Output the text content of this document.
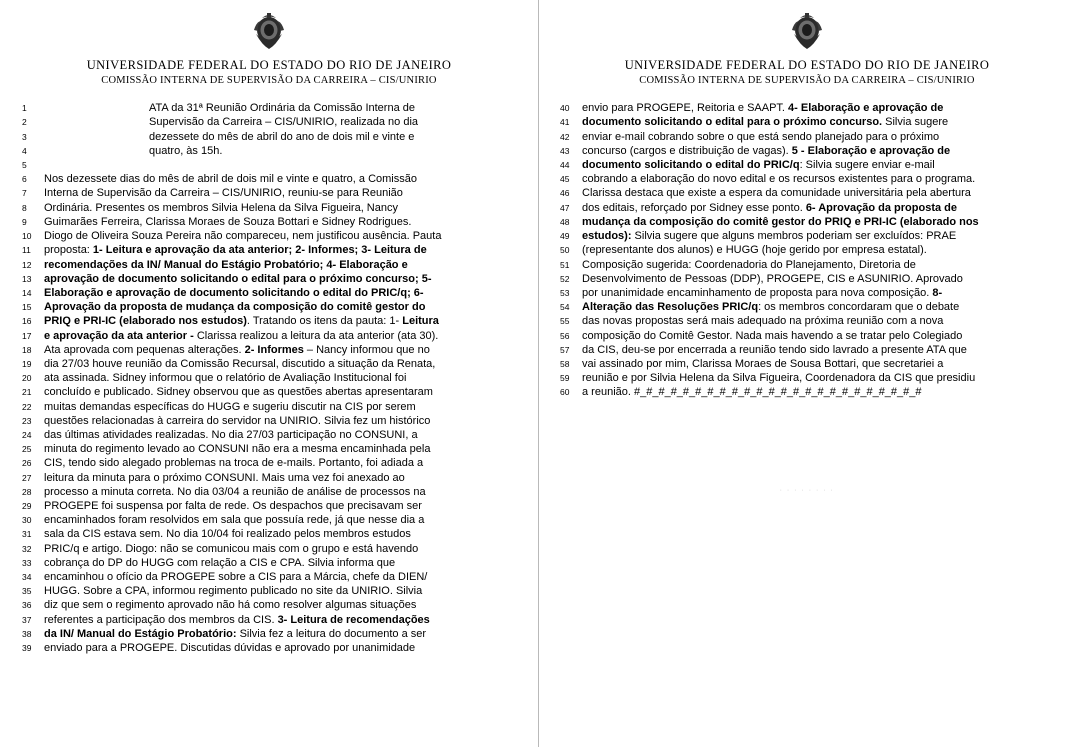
UNIVERSIDADE FEDERAL DO ESTADO DO RIO DE JANEIRO
COMISSÃO INTERNA DE SUPERVISÃO DA CARREIRA – CIS/UNIRIO
1	ATA da 31ª Reunião Ordinária da Comissão Interna de
2	Supervisão da Carreira – CIS/UNIRIO, realizada no dia
3	dezessete do mês de abril do ano de dois mil e vinte e
4	quatro, às 15h.
5
6	Nos dezessete dias do mês de abril de dois mil e vinte e quatro, a Comissão
7	Interna de Supervisão da Carreira – CIS/UNIRIO, reuniu-se para Reunião
8	Ordinária. Presentes os membros Silvia Helena da Silva Figueira, Nancy
9	Guimarães Ferreira, Clarissa Moraes de Souza Bottari e Sidney Rodrigues.
10	Diogo de Oliveira Souza Pereira não compareceu, nem justificou ausência. Pauta
11	proposta: 1- Leitura e aprovação da ata anterior; 2- Informes; 3- Leitura de
12	recomendações da IN/ Manual do Estágio Probatório; 4- Elaboração e
13	aprovação de documento solicitando o edital para o próximo concurso; 5-
14	Elaboração e aprovação de documento solicitando o edital do PRIC/q; 6-
15	Aprovação da proposta de mudança da composição do comitê gestor do
16	PRIQ e PRI-IC (elaborado nos estudos). Tratando os itens da pauta: 1- Leitura
17	e aprovação da ata anterior - Clarissa realizou a leitura da ata anterior (ata 30).
18	Ata aprovada com pequenas alterações. 2- Informes – Nancy informou que no
19	dia 27/03 houve reunião da Comissão Recursal, discutido a situação da Renata,
20	ata assinada. Sidney informou que o relatório de Avaliação Institucional foi
21	concluído e publicado. Sidney observou que as questões abertas apresentaram
22	muitas demandas específicas do HUGG e sugeriu discutir na CIS por serem
23	questões relacionadas à carreira do servidor na UNIRIO. Silvia fez um histórico
24	das últimas atividades realizadas. No dia 27/03 participação no CONSUNI, a
25	minuta do regimento levado ao CONSUNI não era a mesma encaminhada pela
26	CIS, tendo sido alegado problemas na troca de e-mails. Portanto, foi adiada a
27	leitura da minuta para o próximo CONSUNI. Mais uma vez foi anexado ao
28	processo a minuta correta. No dia 03/04 a reunião de análise de processos na
29	PROGEPE foi suspensa por falta de rede. Os despachos que precisavam ser
30	encaminhados foram resolvidos em sala que possuía rede, já que nesse dia a
31	sala da CIS estava sem. No dia 10/04 foi realizado pelos membros estudos
32	PRIC/q e artigo. Diogo: não se comunicou mais com o grupo e está havendo
33	cobrança do DP do HUGG com relação a CIS e CPA. Silvia informa que
34	encaminhou o ofício da PROGEPE sobre a CIS para a Márcia, chefe da DIEN/
35	HUGG. Sobre a CPA, informou regimento publicado no site da UNIRIO. Silvia
36	diz que sem o regimento aprovado não há como resolver algumas situações
37	referentes a participação dos membros da CIS. 3- Leitura de recomendações
38	da IN/ Manual do Estágio Probatório: Silvia fez a leitura do documento a ser
39	enviado para a PROGEPE. Discutidas dúvidas e aprovado por unanimidade
UNIVERSIDADE FEDERAL DO ESTADO DO RIO DE JANEIRO
COMISSÃO INTERNA DE SUPERVISÃO DA CARREIRA – CIS/UNIRIO
40	envio para PROGEPE, Reitoria e SAAPT. 4- Elaboração e aprovação de
41	documento solicitando o edital para o próximo concurso. Silvia sugere
42	enviar e-mail cobrando sobre o que está sendo planejado para o próximo
43	concurso (cargos e distribuição de vagas). 5 - Elaboração e aprovação de
44	documento solicitando o edital do PRIC/q: Silvia sugere enviar e-mail
45	cobrando a elaboração do novo edital e os recursos existentes para o programa.
46	Clarissa destaca que existe a espera da comunidade universitária pela abertura
47	dos editais, reforçado por Sidney esse ponto. 6- Aprovação da proposta de
48	mudança da composição do comitê gestor do PRIQ e PRI-IC (elaborado nos
49	estudos): Silvia sugere que alguns membros poderiam ser excluídos: PRAE
50	(representante dos alunos) e HUGG (hoje gerido por empresa estatal).
51	Composição sugerida: Coordenadoria do Planejamento, Diretoria de
52	Desenvolvimento de Pessoas (DDP), PROGEPE, CIS e ASUNIRIO. Aprovado
53	por unanimidade encaminhamento de proposta para nova composição. 8-
54	Alteração das Resoluções PRIC/q: os membros concordaram que o debate
55	das novas propostas será mais adequado na próxima reunião com a nova
56	composição do Comitê Gestor. Nada mais havendo a se tratar pelo Colegiado
57	da CIS, deu-se por encerrada a reunião tendo sido lavrado a presente ATA que
58	vai assinado por mim, Clarissa Moraes de Sousa Bottari, que secretariei a
59	reunião e por Silvia Helena da Silva Figueira, Coordenadora da CIS que presidiu
60	a reunião. #_#_#_#_#_#_#_#_#_#_#_#_#_#_#_#_#_#_#_#_#_#_#_#
· · · · · · · ·
